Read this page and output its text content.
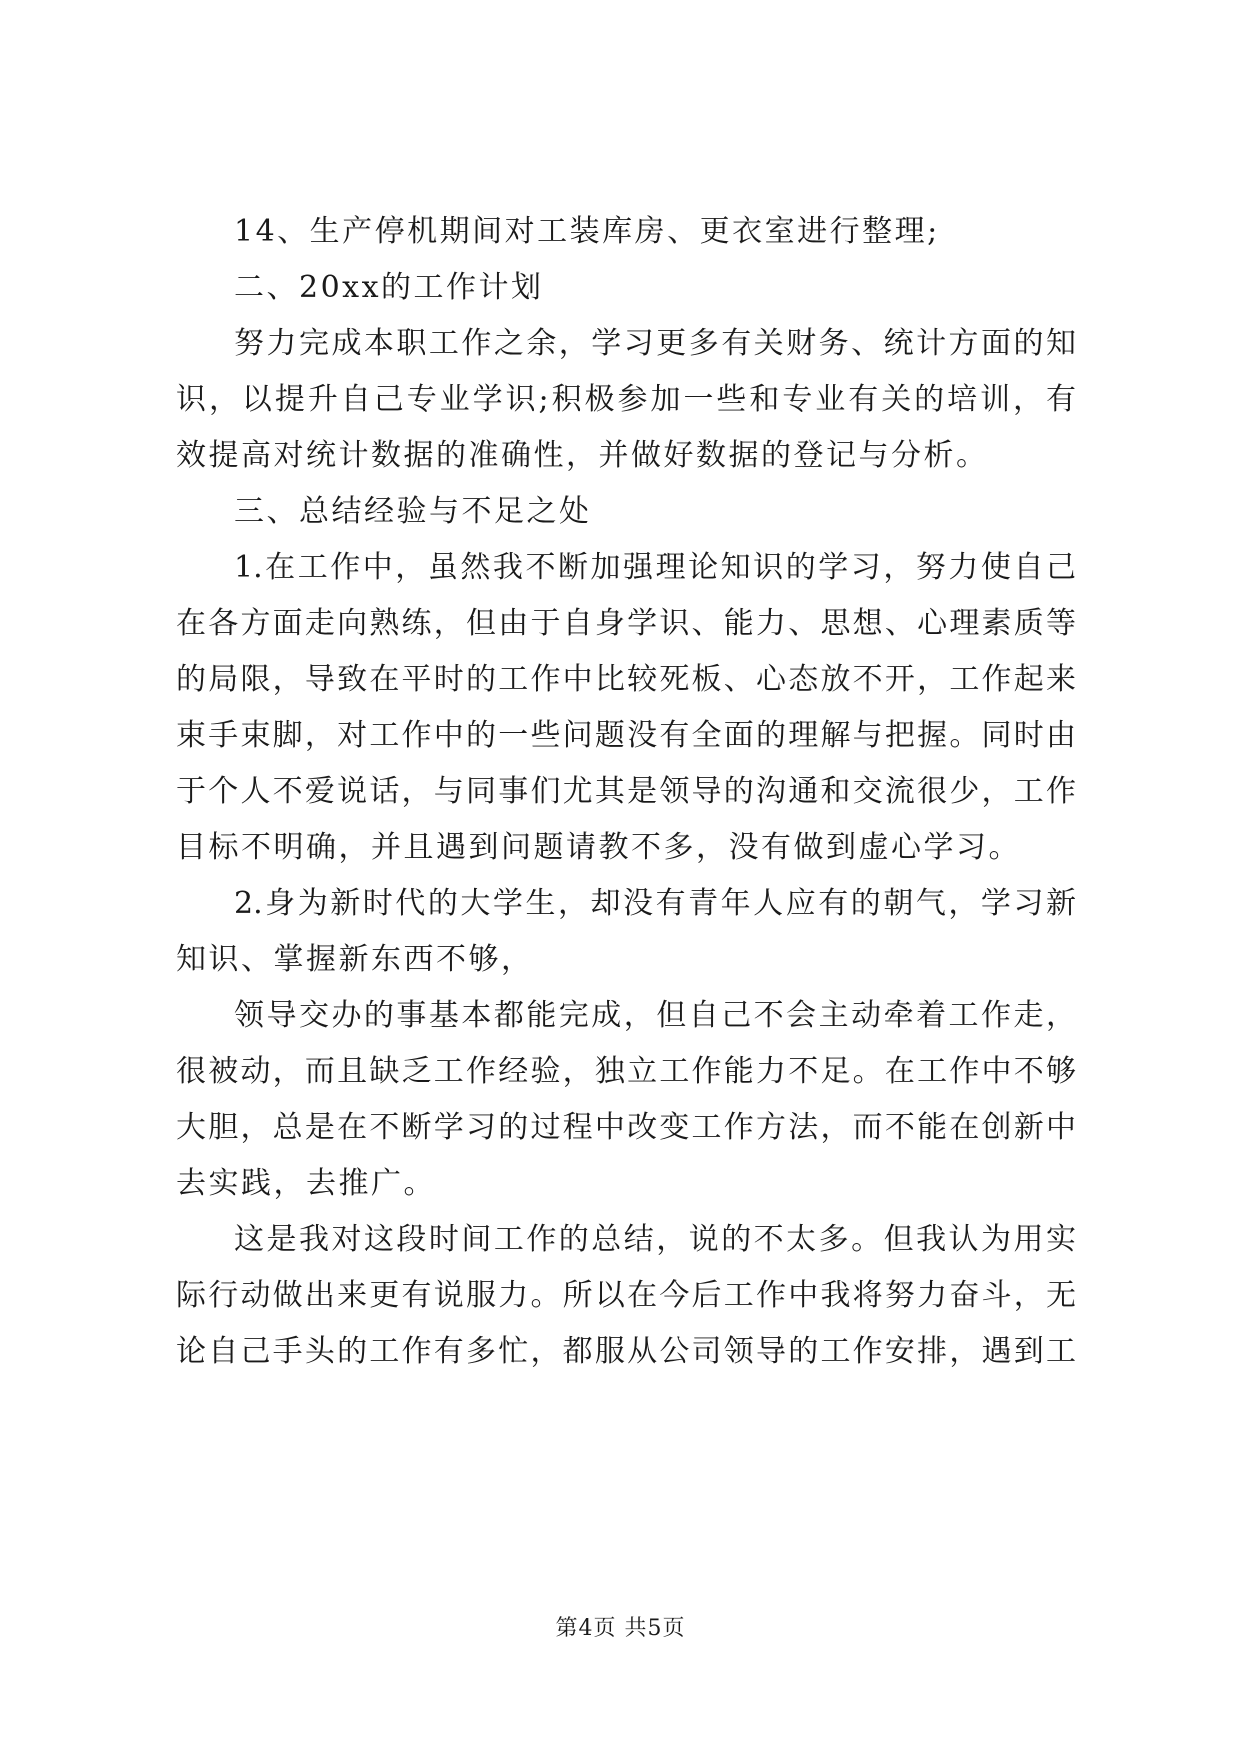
14、生产停机期间对工装库房、更衣室进行整理;
二、20xx的工作计划
努力完成本职工作之余，学习更多有关财务、统计方面的知
识，以提升自己专业学识;积极参加一些和专业有关的培训，有
效提高对统计数据的准确性，并做好数据的登记与分析。
三、总结经验与不足之处
1.在工作中，虽然我不断加强理论知识的学习，努力使自己
在各方面走向熟练，但由于自身学识、能力、思想、心理素质等
的局限，导致在平时的工作中比较死板、心态放不开，工作起来
束手束脚，对工作中的一些问题没有全面的理解与把握。同时由
于个人不爱说话，与同事们尤其是领导的沟通和交流很少，工作
目标不明确，并且遇到问题请教不多，没有做到虚心学习。
2.身为新时代的大学生，却没有青年人应有的朝气，学习新
知识、掌握新东西不够，
领导交办的事基本都能完成，但自己不会主动牵着工作走，
很被动，而且缺乏工作经验，独立工作能力不足。在工作中不够
大胆，总是在不断学习的过程中改变工作方法，而不能在创新中
去实践，去推广。
这是我对这段时间工作的总结，说的不太多。但我认为用实
际行动做出来更有说服力。所以在今后工作中我将努力奋斗，无
论自己手头的工作有多忙，都服从公司领导的工作安排，遇到工
第4页 共5页
